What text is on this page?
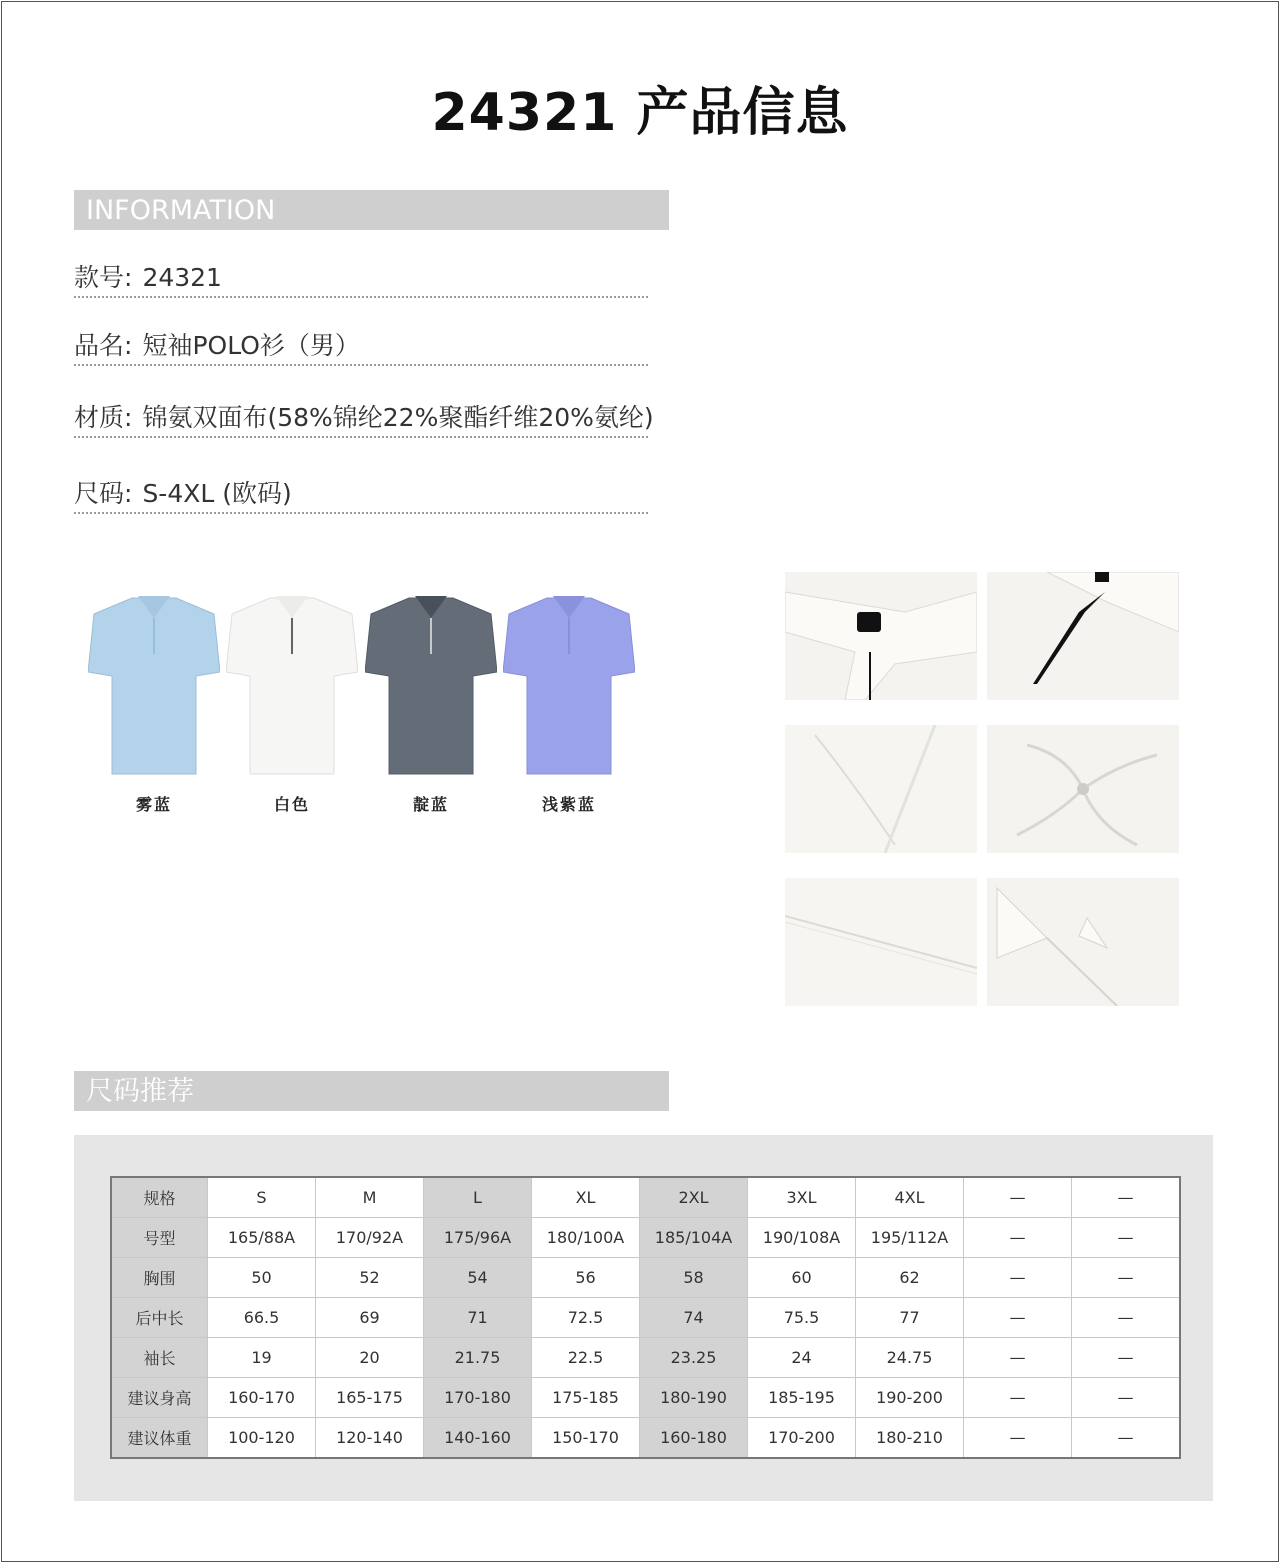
24321 产品信息
INFORMATION
款号: 24321
品名: 短袖POLO衫（男）
材质: 锦氨双面布(58%锦纶22%聚酯纤维20%氨纶)
尺码: S-4XL (欧码)
雾蓝	白色	靛蓝	浅紫蓝
尺码推荐
规格	S	M	L	XL	2XL	3XL	4XL	—	—
号型	165/88A	170/92A	175/96A	180/100A	185/104A	190/108A	195/112A	—	—
胸围	50	52	54	56	58	60	62	—	—
后中长	66.5	69	71	72.5	74	75.5	77	—	—
袖长	19	20	21.75	22.5	23.25	24	24.75	—	—
建议身高	160-170	165-175	170-180	175-185	180-190	185-195	190-200	—	—
建议体重	100-120	120-140	140-160	150-170	160-180	170-200	180-210	—	—
